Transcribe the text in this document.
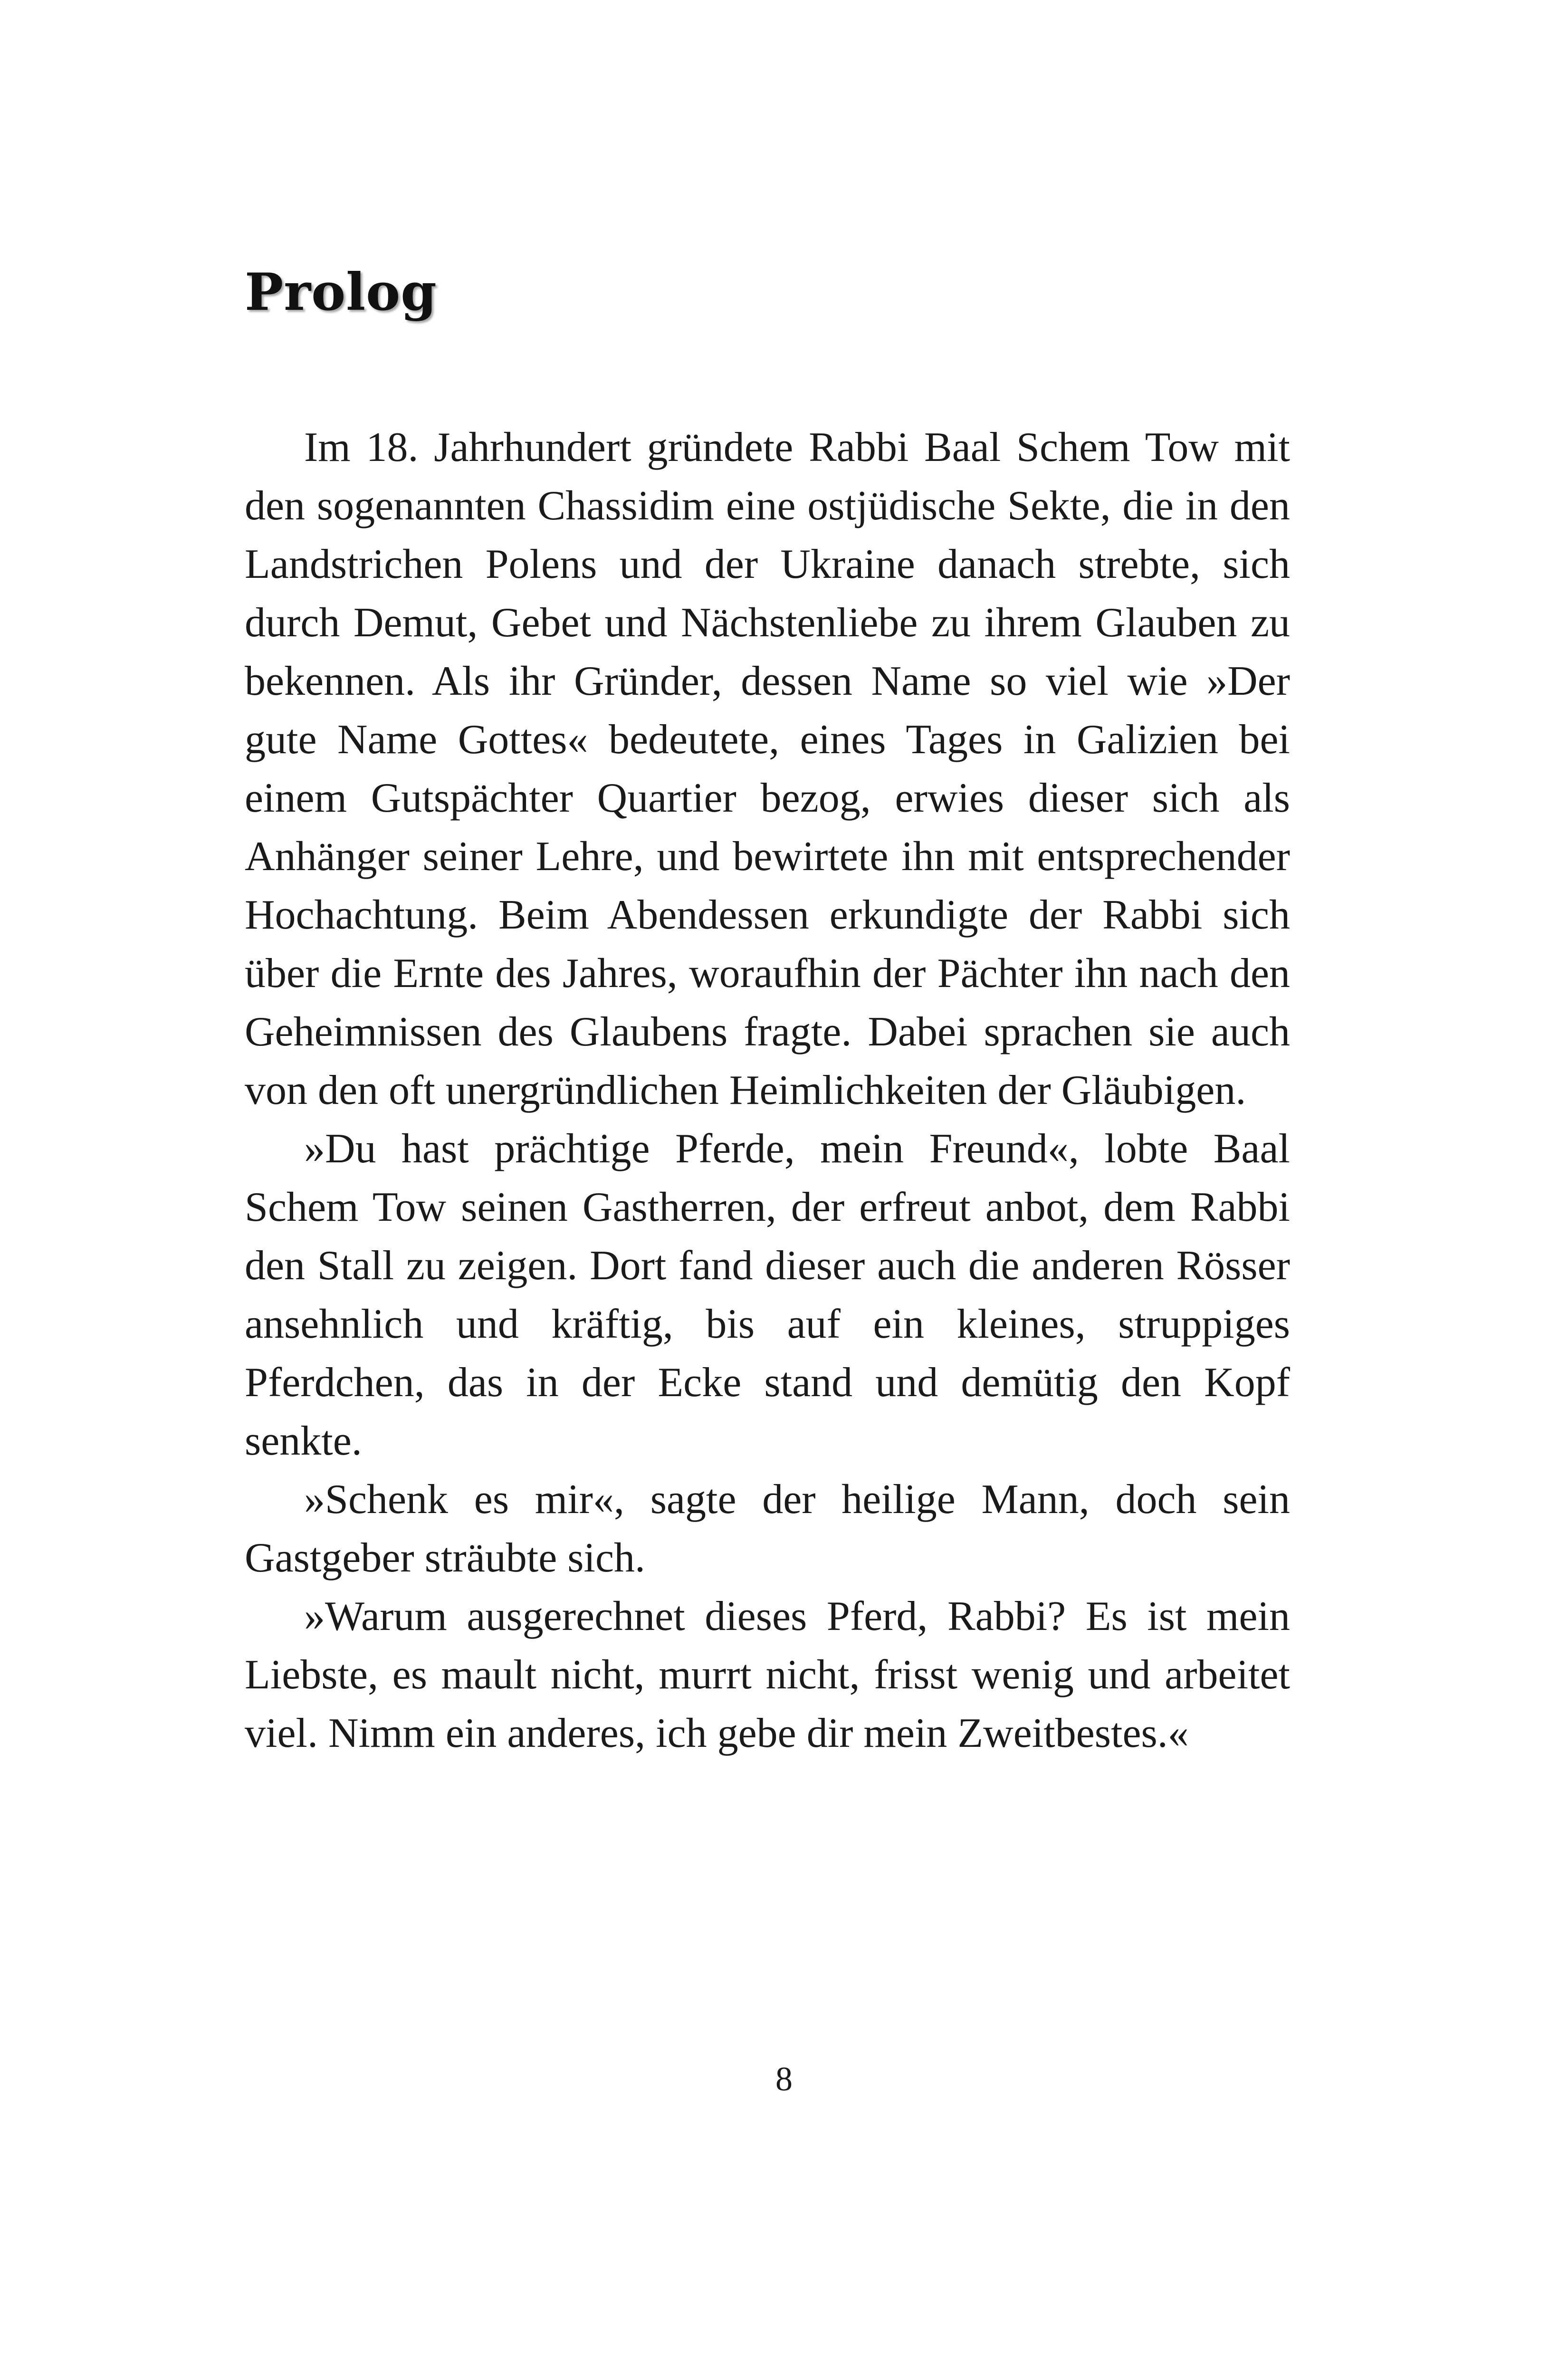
Prolog

Im 18. Jahrhundert gründete Rabbi Baal Schem Tow mit den sogenannten Chassidim eine ostjüdische Sekte, die in den Landstrichen Polens und der Ukraine danach strebte, sich durch Demut, Gebet und Nächstenliebe zu ihrem Glauben zu bekennen. Als ihr Gründer, dessen Name so viel wie »Der gute Name Gottes« bedeutete, eines Tages in Galizien bei einem Gutspächter Quartier bezog, erwies dieser sich als Anhänger seiner Lehre, und bewirtete ihn mit entsprechender Hochachtung. Beim Abendessen erkundigte der Rabbi sich über die Ernte des Jahres, woraufhin der Pächter ihn nach den Geheimnissen des Glaubens fragte. Dabei sprachen sie auch von den oft unergründlichen Heimlichkeiten der Gläubigen.

»Du hast prächtige Pferde, mein Freund«, lobte Baal Schem Tow seinen Gastherren, der erfreut anbot, dem Rabbi den Stall zu zeigen. Dort fand dieser auch die anderen Rösser ansehnlich und kräftig, bis auf ein kleines, struppiges Pferdchen, das in der Ecke stand und demütig den Kopf senkte.

»Schenk es mir«, sagte der heilige Mann, doch sein Gastgeber sträubte sich.

»Warum ausgerechnet dieses Pferd, Rabbi? Es ist mein Liebste, es mault nicht, murrt nicht, frisst wenig und arbeitet viel. Nimm ein anderes, ich gebe dir mein Zweitbestes.«

8
